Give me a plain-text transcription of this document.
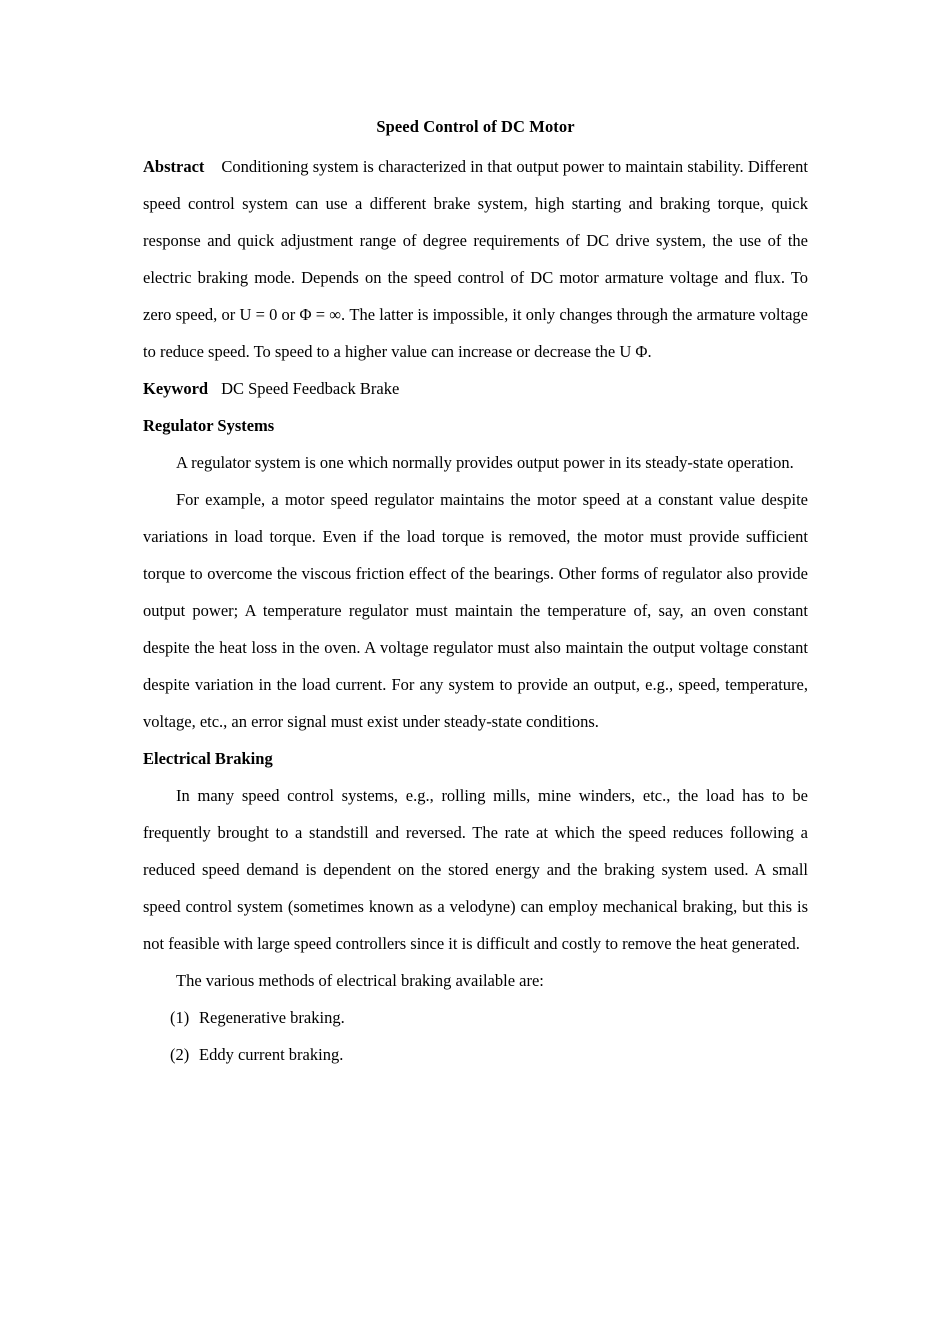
Speed Control of DC Motor

Abstract Conditioning system is characterized in that output power to maintain stability. Different speed control system can use a different brake system, high starting and braking torque, quick response and quick adjustment range of degree requirements of DC drive system, the use of the electric braking mode. Depends on the speed control of DC motor armature voltage and flux. To zero speed, or U = 0 or Φ = ∞. The latter is impossible, it only changes through the armature voltage to reduce speed. To speed to a higher value can increase or decrease the U Φ.

Keyword DC Speed Feedback Brake

Regulator Systems

A regulator system is one which normally provides output power in its steady-state operation.

For example, a motor speed regulator maintains the motor speed at a constant value despite variations in load torque. Even if the load torque is removed, the motor must provide sufficient torque to overcome the viscous friction effect of the bearings. Other forms of regulator also provide output power; A temperature regulator must maintain the temperature of, say, an oven constant despite the heat loss in the oven. A voltage regulator must also maintain the output voltage constant despite variation in the load current. For any system to provide an output, e.g., speed, temperature, voltage, etc., an error signal must exist under steady-state conditions.

Electrical Braking

In many speed control systems, e.g., rolling mills, mine winders, etc., the load has to be frequently brought to a standstill and reversed. The rate at which the speed reduces following a reduced speed demand is dependent on the stored energy and the braking system used. A small speed control system (sometimes known as a velodyne) can employ mechanical braking, but this is not feasible with large speed controllers since it is difficult and costly to remove the heat generated.

The various methods of electrical braking available are:

(1) Regenerative braking.

(2) Eddy current braking.
